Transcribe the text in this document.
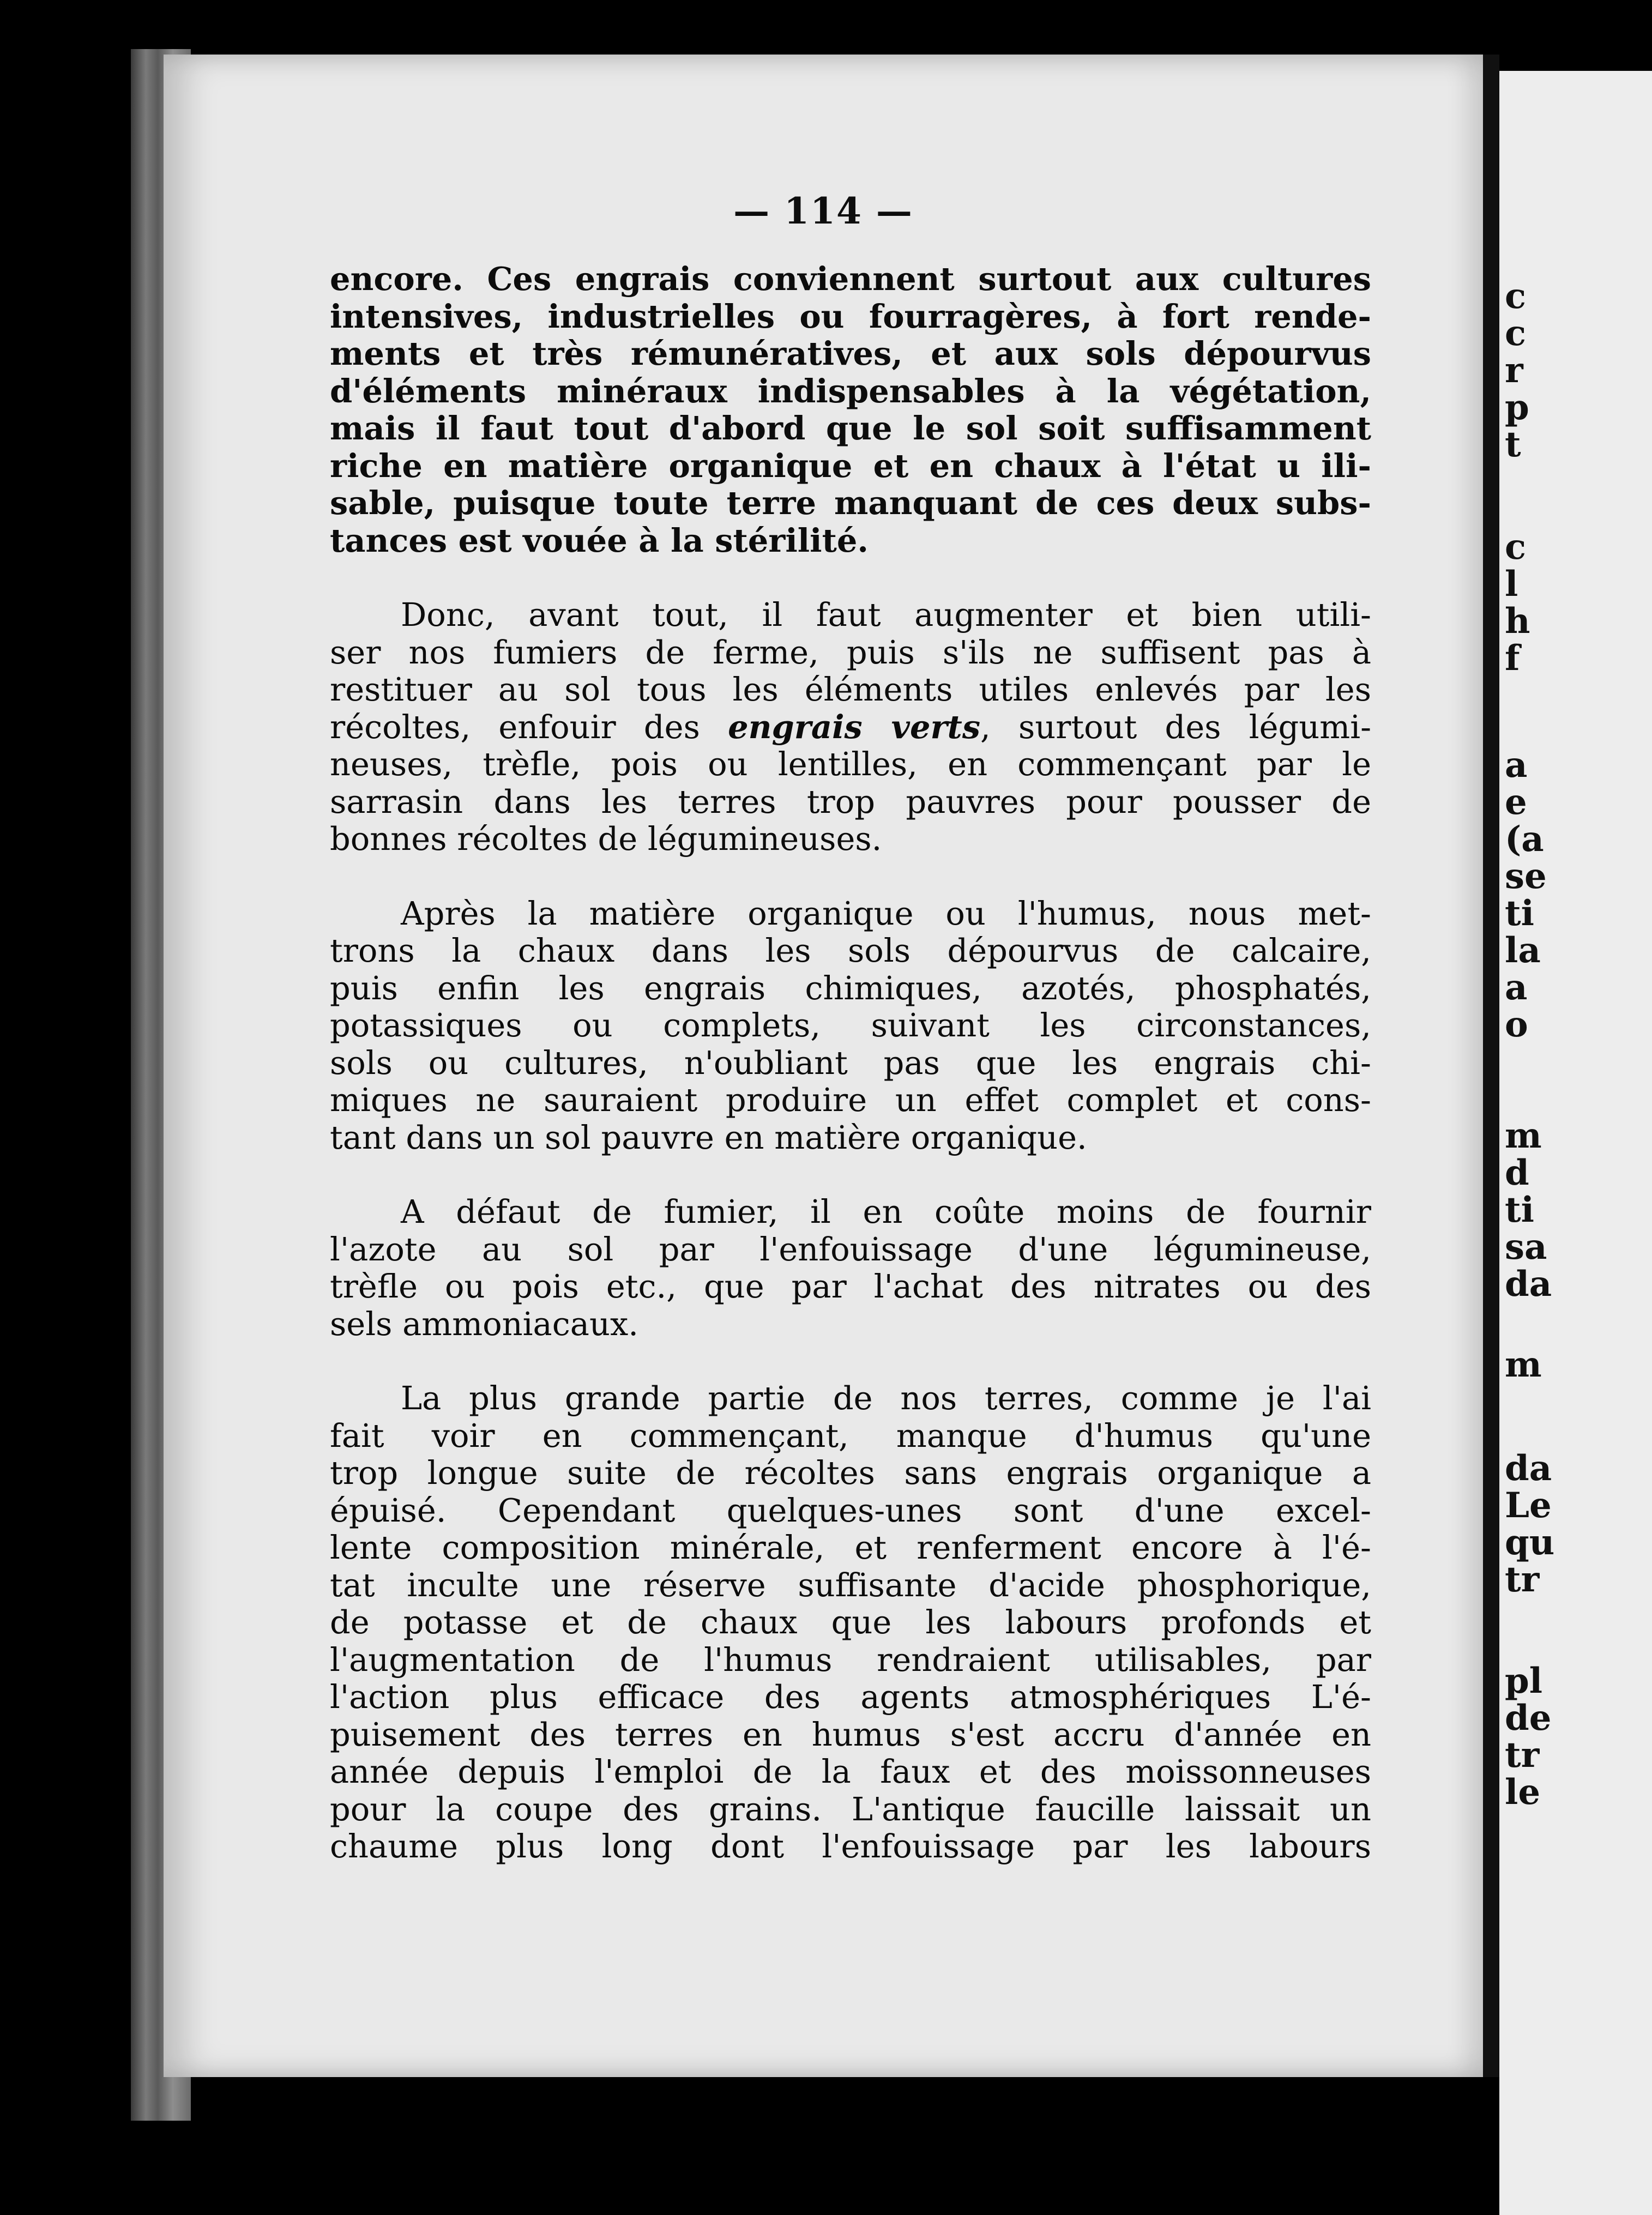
c
c
r
p
t
c
l
h
f
a
e
(a
se
ti
la
a
o
m
d
ti
sa
da
m
da
Le
qu
tr
pl
de
tr
le
— 114 —
encore. Ces engrais conviennent surtout aux cultures
intensives, industrielles ou fourragères, à fort rende-
ments et très rémunératives, et aux sols dépourvus
d'éléments minéraux indispensables à la végétation,
mais il faut tout d'abord que le sol soit suffisamment
riche en matière organique et en chaux à l'état u ili-
sable, puisque toute terre manquant de ces deux subs-
tances est vouée à la stérilité.
Donc, avant tout, il faut augmenter et bien utili-
ser nos fumiers de ferme, puis s'ils ne suffisent pas à
restituer au sol tous les éléments utiles enlevés par les
récoltes, enfouir des engrais verts, surtout des légumi-
neuses, trèfle, pois ou lentilles, en commençant par le
sarrasin dans les terres trop pauvres pour pousser de
bonnes récoltes de légumineuses.
Après la matière organique ou l'humus, nous met-
trons la chaux dans les sols dépourvus de calcaire,
puis enfin les engrais chimiques, azotés, phosphatés,
potassiques ou complets, suivant les circonstances,
sols ou cultures, n'oubliant pas que les engrais chi-
miques ne sauraient produire un effet complet et cons-
tant dans un sol pauvre en matière organique.
A défaut de fumier, il en coûte moins de fournir
l'azote au sol par l'enfouissage d'une légumineuse,
trèfle ou pois etc., que par l'achat des nitrates ou des
sels ammoniacaux.
La plus grande partie de nos terres, comme je l'ai
fait voir en commençant, manque d'humus qu'une
trop longue suite de récoltes sans engrais organique a
épuisé. Cependant quelques-unes sont d'une excel-
lente composition minérale, et renferment encore à l'é-
tat inculte une réserve suffisante d'acide phosphorique,
de potasse et de chaux que les labours profonds et
l'augmentation de l'humus rendraient utilisables, par
l'action plus efficace des agents atmosphériques L'é-
puisement des terres en humus s'est accru d'année en
année depuis l'emploi de la faux et des moissonneuses
pour la coupe des grains. L'antique faucille laissait un
chaume plus long dont l'enfouissage par les labours
